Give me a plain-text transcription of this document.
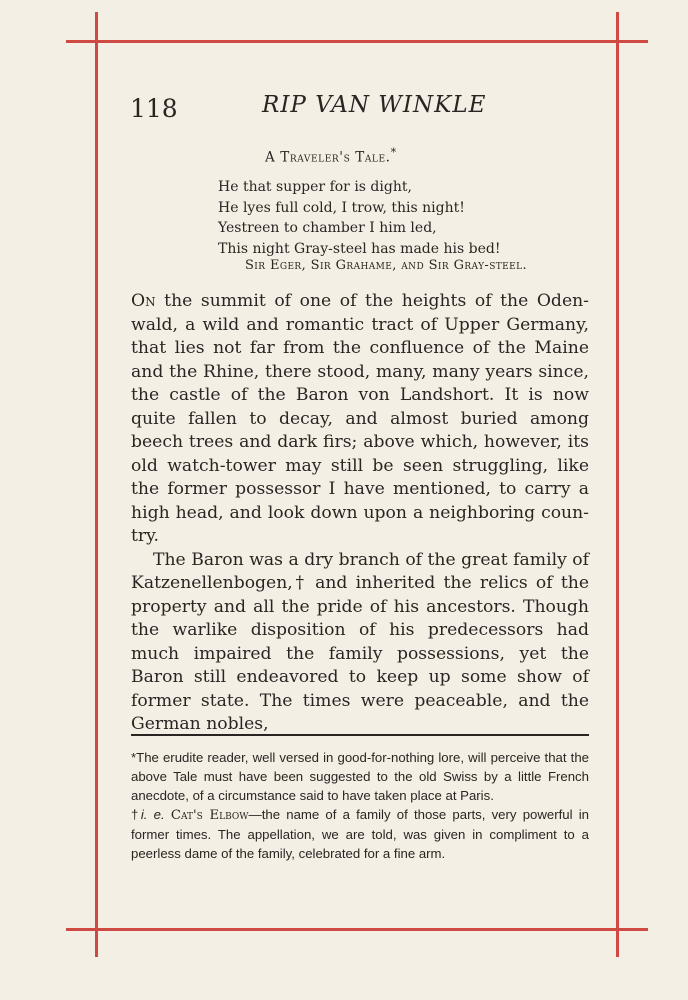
118	RIP VAN WINKLE
A Traveler's Tale.*
He that supper for is dight,
He lyes full cold, I trow, this night!
Yestreen to chamber I him led,
This night Gray-steel has made his bed!
Sir Eger, Sir Grahame, and Sir Gray-steel.

On the summit of one of the heights of the Oden-wald, a wild and romantic tract of Upper Germany, that lies not far from the confluence of the Maine and the Rhine, there stood, many, many years since, the castle of the Baron von Landshort. It is now quite fallen to decay, and almost buried among beech trees and dark firs; above which, however, its old watch-tower may still be seen struggling, like the former possessor I have mentioned, to carry a high head, and look down upon a neighboring coun-try.

The Baron was a dry branch of the great family of Katzenellenbogen,† and inherited the relics of the property and all the pride of his ancestors. Though the warlike disposition of his predecessors had much impaired the family possessions, yet the Baron still endeavored to keep up some show of former state. The times were peaceable, and the German nobles,

*The erudite reader, well versed in good-for-nothing lore, will perceive that the above Tale must have been suggested to the old Swiss by a little French anecdote, of a circumstance said to have taken place at Paris.

†i. e. Cat's Elbow—the name of a family of those parts, very powerful in former times. The appellation, we are told, was given in compliment to a peerless dame of the family, celebrated for a fine arm.
